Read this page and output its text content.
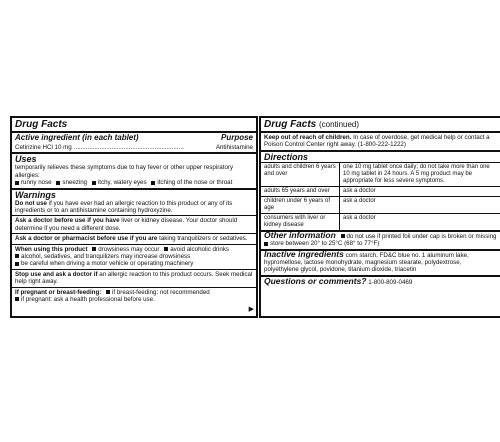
Drug Facts
Active ingredient (in each tablet)	Purpose
Cetirizine HCl 10 mg ................................................................	Antihistamine
Uses
temporarily relieves these symptoms due to hay fever or other upper respiratory allergies:
runny nose sneezing itchy, watery eyes itching of the nose or throat
Warnings
Do not use if you have ever had an allergic reaction to this product or any of its ingredients or to an antihistamine containing hydroxyzine.
Ask a doctor before use if you have liver or kidney disease. Your doctor should determine if you need a different dose.
Ask a doctor or pharmacist before use if you are taking tranquilizers or sedatives.
When using this product drowsiness may occur avoid alcoholic drinks
alcohol, sedatives, and tranquilizers may increase drowsiness
be careful when driving a motor vehicle or operating machinery
Stop use and ask a doctor if an allergic reaction to this product occurs. Seek medical help right away.
If pregnant or breast-feeding: if breast-feeding: not recommended
if pregnant: ask a health professional before use.
▶
Drug Facts (continued)
Keep out of reach of children. In case of overdose, get medical help or contact a Poison Control Center right away. (1-800-222-1222)
Directions
adults and children 6 years and over	one 10 mg tablet once daily; do not take more than one 10 mg tablet in 24 hours. A 5 mg product may be appropriate for less severe symptoms.
adults 65 years and over	ask a doctor
children under 6 years of age	ask a doctor
consumers with liver or kidney disease	ask a doctor
Other information do not use if printed foil under cap is broken or missing
store between 20° to 25°C (68° to 77°F)
Inactive ingredients corn starch, FD&C blue no. 1 aluminum lake, hypromellose, lactose monohydrate, magnesium stearate, polydextrose, polyethylene glycol, povidone, titanium dioxide, triacetin
Questions or comments? 1-800-809-0469
